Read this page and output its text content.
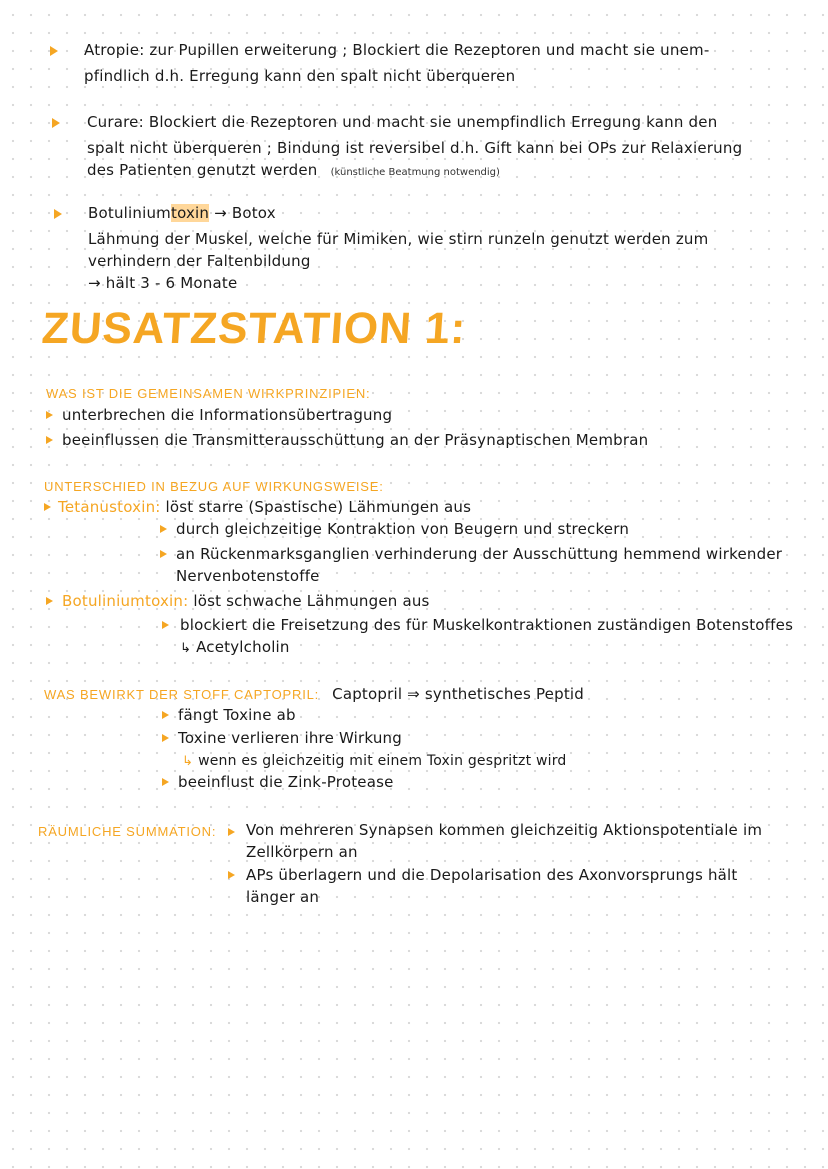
Atropie: zur Pupillen erweiterung ; Blockiert die Rezeptoren und macht sie unem-
pfindlich d.h. Erregung kann den spalt nicht überqueren
Curare: Blockiert die Rezeptoren und macht sie unempfindlich Erregung kann den
spalt nicht überqueren ; Bindung ist reversibel d.h. Gift kann bei OPs zur Relaxierung
des Patienten genutzt werden (künstliche Beatmung notwendig)
Botuliniumtoxin → Botox
Lähmung der Muskel, welche für Mimiken, wie stirn runzeln genutzt werden zum
verhindern der Faltenbildung
→ hält 3 - 6 Monate
ZUSATZSTATION 1:
WAS IST DIE GEMEINSAMEN WIRKPRINZIPIEN:
unterbrechen die Informationsübertragung
beeinflussen die Transmitterausschüttung an der Präsynaptischen Membran
UNTERSCHIED IN BEZUG AUF WIRKUNGSWEISE:
Tetanustoxin: löst starre (Spastische) Lähmungen aus
durch gleichzeitige Kontraktion von Beugern und streckern
an Rückenmarksganglien verhinderung der Ausschüttung hemmend wirkender
Nervenbotenstoffe
Botuliniumtoxin: löst schwache Lähmungen aus
blockiert die Freisetzung des für Muskelkontraktionen zuständigen Botenstoffes
↳ Acetylcholin
WAS BEWIRKT DER STOFF CAPTOPRIL: Captopril ⇒ synthetisches Peptid
fängt Toxine ab
Toxine verlieren ihre Wirkung
↳ wenn es gleichzeitig mit einem Toxin gespritzt wird
beeinflust die Zink-Protease
RÄUMLICHE SUMMATION: Von mehreren Synapsen kommen gleichzeitig Aktionspotentiale im
Zellkörpern an
APs überlagern und die Depolarisation des Axonvorsprungs hält
länger an
